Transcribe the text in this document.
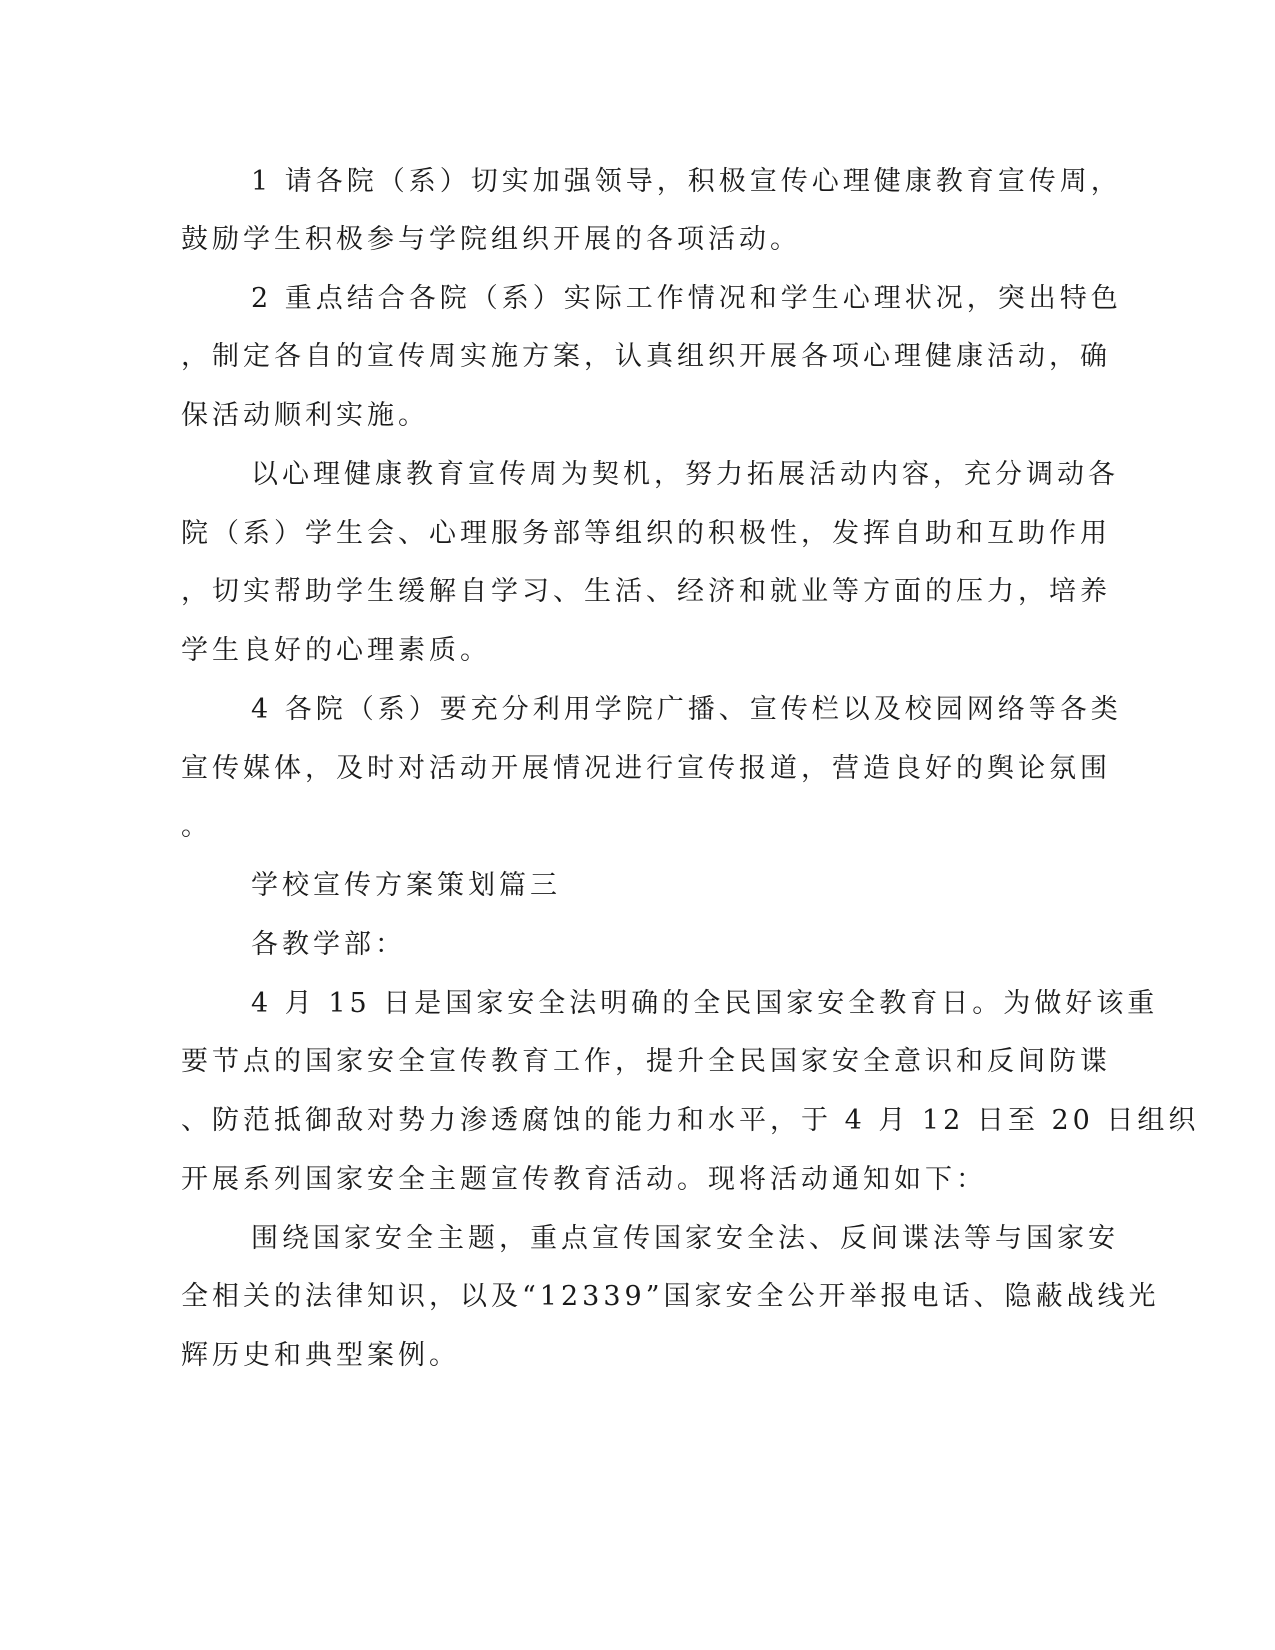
1 请各院（系）切实加强领导，积极宣传心理健康教育宣传周，
鼓励学生积极参与学院组织开展的各项活动。
2 重点结合各院（系）实际工作情况和学生心理状况，突出特色
，制定各自的宣传周实施方案，认真组织开展各项心理健康活动，确
保活动顺利实施。
以心理健康教育宣传周为契机，努力拓展活动内容，充分调动各
院（系）学生会、心理服务部等组织的积极性，发挥自助和互助作用
，切实帮助学生缓解自学习、生活、经济和就业等方面的压力，培养
学生良好的心理素质。
4 各院（系）要充分利用学院广播、宣传栏以及校园网络等各类
宣传媒体，及时对活动开展情况进行宣传报道，营造良好的舆论氛围
。
学校宣传方案策划篇三
各教学部：
4 月 15 日是国家安全法明确的全民国家安全教育日。为做好该重
要节点的国家安全宣传教育工作，提升全民国家安全意识和反间防谍
、防范抵御敌对势力渗透腐蚀的能力和水平，于 4 月 12 日至 20 日组织
开展系列国家安全主题宣传教育活动。现将活动通知如下：
围绕国家安全主题，重点宣传国家安全法、反间谍法等与国家安
全相关的法律知识，以及“12339”国家安全公开举报电话、隐蔽战线光
辉历史和典型案例。
